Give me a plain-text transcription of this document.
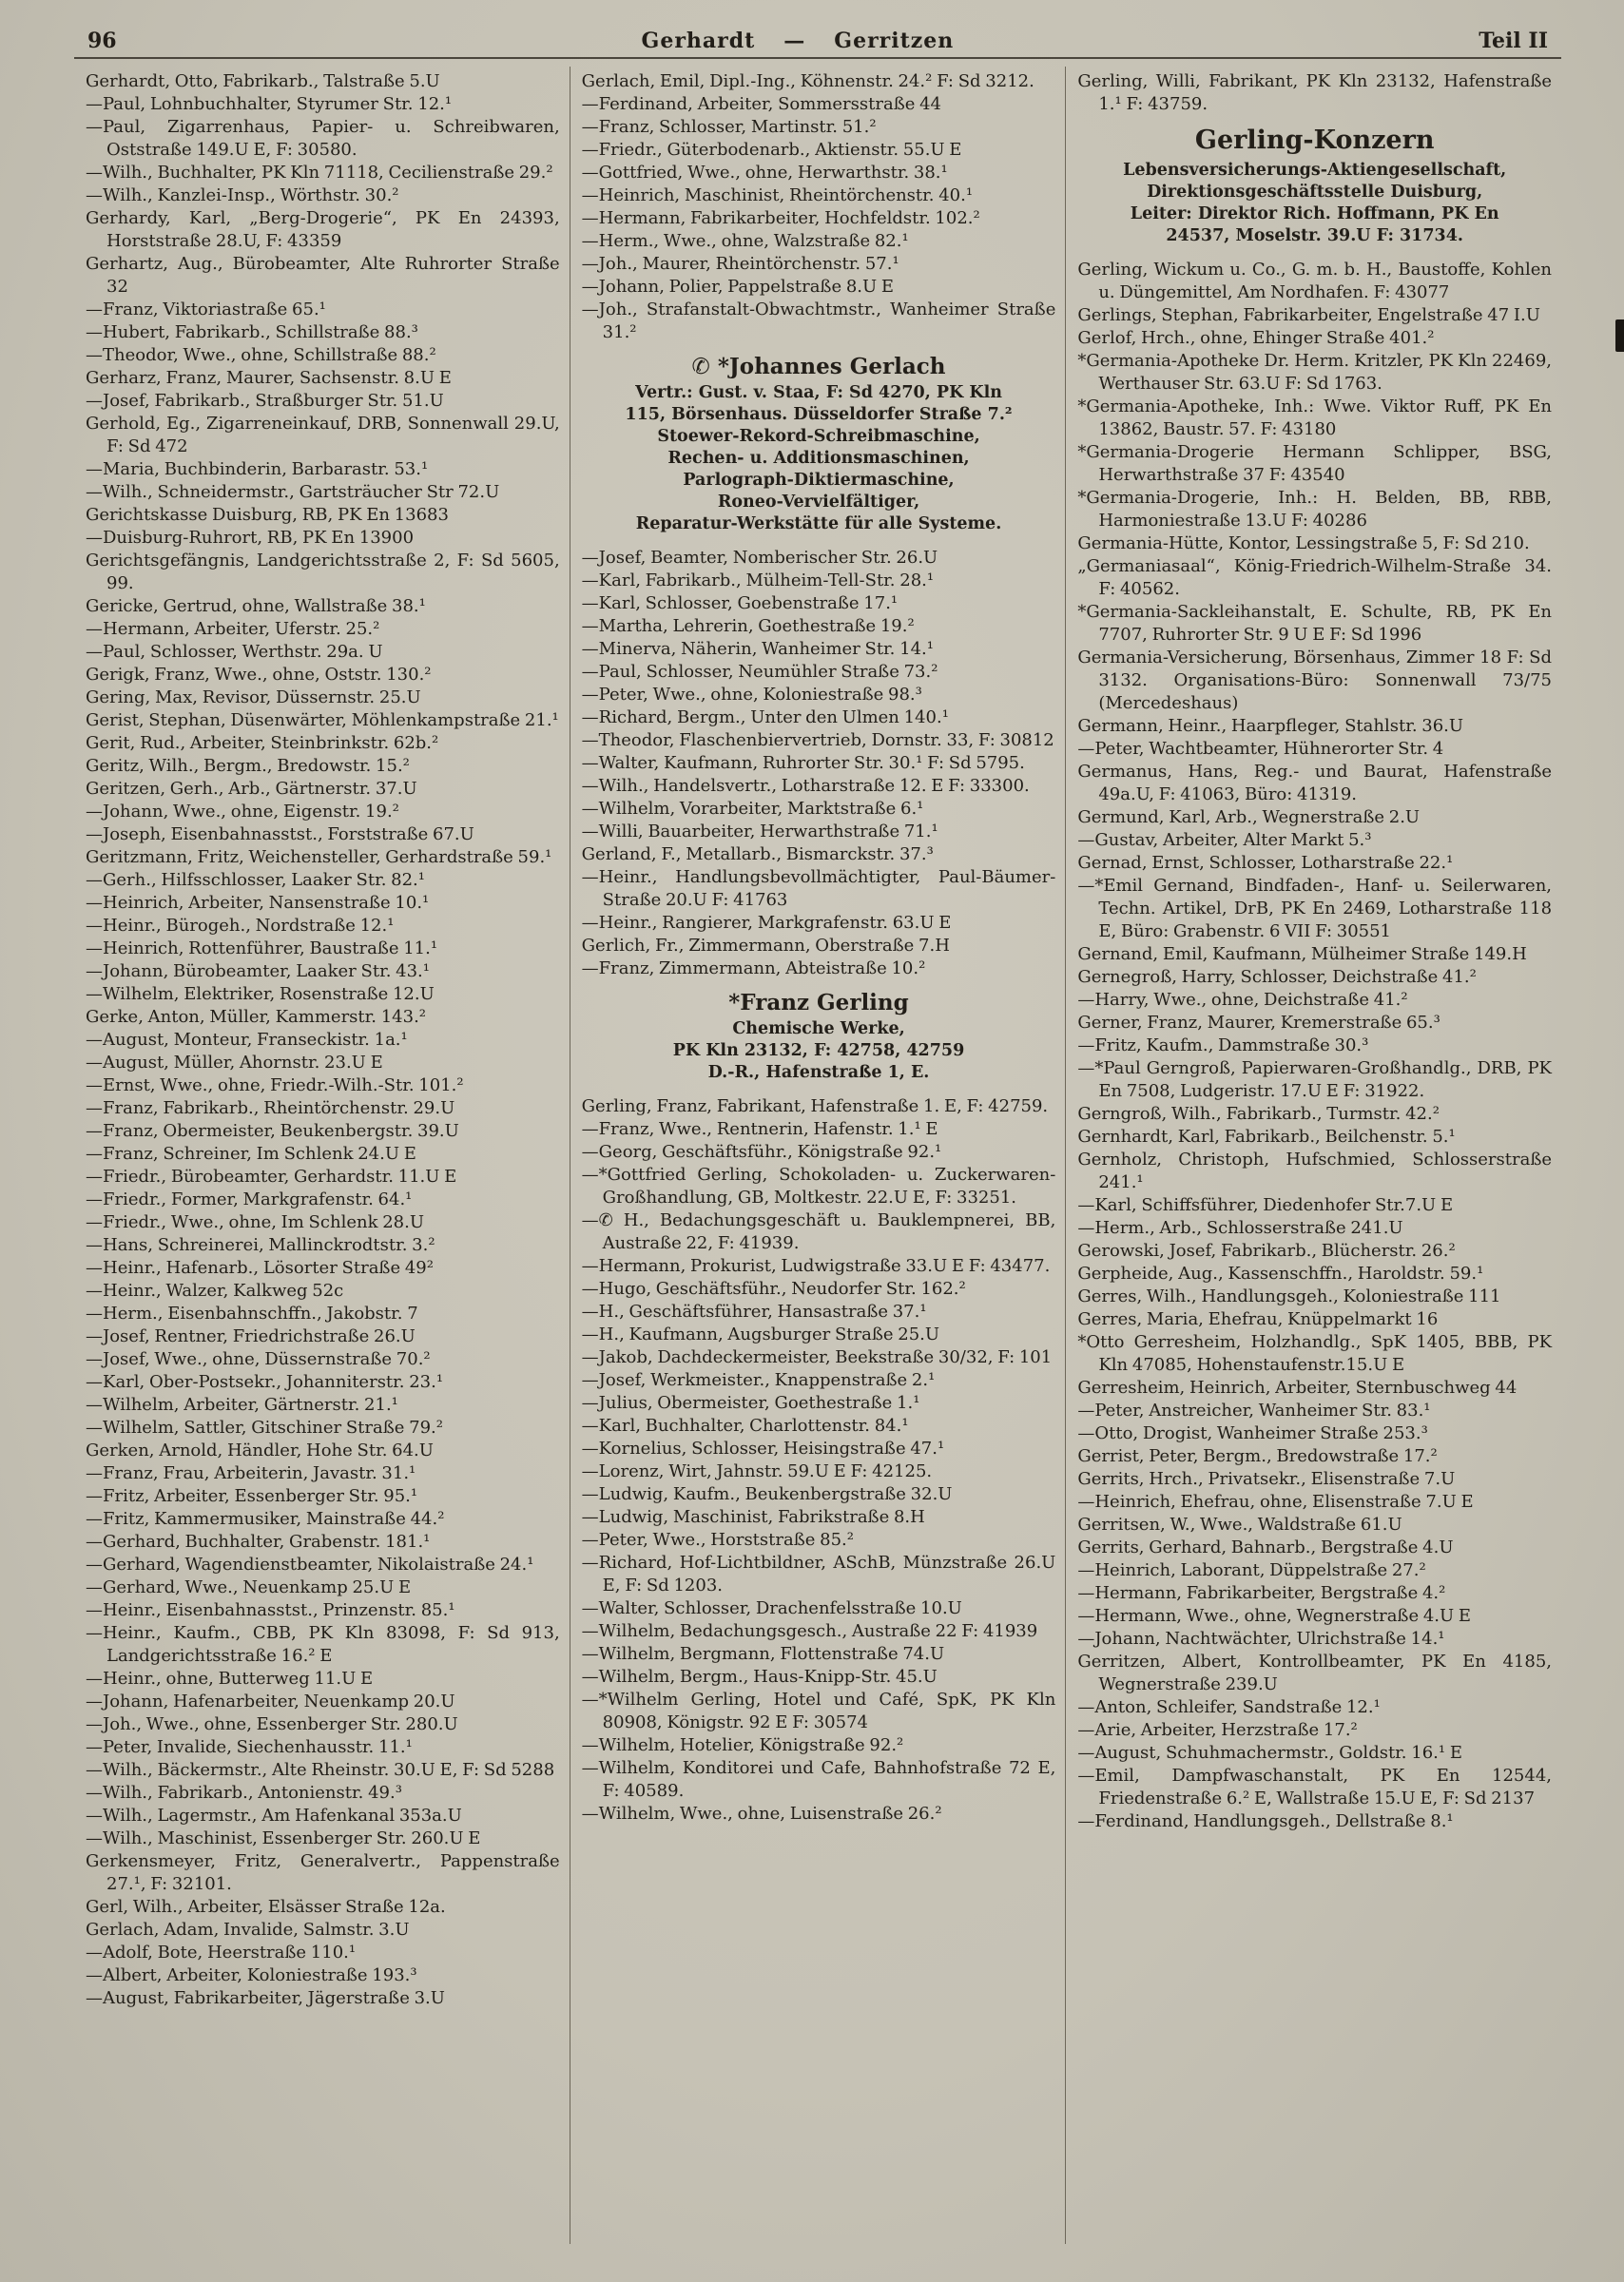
96	Gerhardt — Gerritzen	Teil II
Gerhardt, Otto, Fabrikarb., Talstraße 5.U
—Paul, Lohnbuchhalter, Styrumer Str. 12.¹
—Paul, Zigarrenhaus, Papier- u. Schreibwaren, Oststraße 149.U E, F: 30580.
—Wilh., Buchhalter, PK Kln 71118, Cecilienstraße 29.²
—Wilh., Kanzlei-Insp., Wörthstr. 30.²
Gerhardy, Karl, „Berg-Drogerie“, PK En 24393, Horststraße 28.U, F: 43359
Gerhartz, Aug., Bürobeamter, Alte Ruhrorter Straße 32
—Franz, Viktoriastraße 65.¹
—Hubert, Fabrikarb., Schillstraße 88.³
—Theodor, Wwe., ohne, Schillstraße 88.²
Gerharz, Franz, Maurer, Sachsenstr. 8.U E
—Josef, Fabrikarb., Straßburger Str. 51.U
Gerhold, Eg., Zigarreneinkauf, DRB, Sonnenwall 29.U, F: Sd 472
—Maria, Buchbinderin, Barbarastr. 53.¹
—Wilh., Schneidermstr., Gartsträucher Str 72.U
Gerichtskasse Duisburg, RB, PK En 13683
—Duisburg-Ruhrort, RB, PK En 13900
Gerichtsgefängnis, Landgerichtsstraße 2, F: Sd 5605, 99.
Gericke, Gertrud, ohne, Wallstraße 38.¹
—Hermann, Arbeiter, Uferstr. 25.²
—Paul, Schlosser, Werthstr. 29a. U
Gerigk, Franz, Wwe., ohne, Oststr. 130.²
Gering, Max, Revisor, Düssernstr. 25.U
Gerist, Stephan, Düsenwärter, Möhlenkampstraße 21.¹
Gerit, Rud., Arbeiter, Steinbrinkstr. 62b.²
Geritz, Wilh., Bergm., Bredowstr. 15.²
Geritzen, Gerh., Arb., Gärtnerstr. 37.U
—Johann, Wwe., ohne, Eigenstr. 19.²
—Joseph, Eisenbahnasstst., Forststraße 67.U
Geritzmann, Fritz, Weichensteller, Gerhardstraße 59.¹
—Gerh., Hilfsschlosser, Laaker Str. 82.¹
—Heinrich, Arbeiter, Nansenstraße 10.¹
—Heinr., Bürogeh., Nordstraße 12.¹
—Heinrich, Rottenführer, Baustraße 11.¹
—Johann, Bürobeamter, Laaker Str. 43.¹
—Wilhelm, Elektriker, Rosenstraße 12.U
Gerke, Anton, Müller, Kammerstr. 143.²
—August, Monteur, Franseckistr. 1a.¹
—August, Müller, Ahornstr. 23.U E
—Ernst, Wwe., ohne, Friedr.-Wilh.-Str. 101.²
—Franz, Fabrikarb., Rheintörchenstr. 29.U
—Franz, Obermeister, Beukenbergstr. 39.U
—Franz, Schreiner, Im Schlenk 24.U E
—Friedr., Bürobeamter, Gerhardstr. 11.U E
—Friedr., Former, Markgrafenstr. 64.¹
—Friedr., Wwe., ohne, Im Schlenk 28.U
—Hans, Schreinerei, Mallinckrodtstr. 3.²
—Heinr., Hafenarb., Lösorter Straße 49²
—Heinr., Walzer, Kalkweg 52c
—Herm., Eisenbahnschffn., Jakobstr. 7
—Josef, Rentner, Friedrichstraße 26.U
—Josef, Wwe., ohne, Düssernstraße 70.²
—Karl, Ober-Postsekr., Johanniterstr. 23.¹
—Wilhelm, Arbeiter, Gärtnerstr. 21.¹
—Wilhelm, Sattler, Gitschiner Straße 79.²
Gerken, Arnold, Händler, Hohe Str. 64.U
—Franz, Frau, Arbeiterin, Javastr. 31.¹
—Fritz, Arbeiter, Essenberger Str. 95.¹
—Fritz, Kammermusiker, Mainstraße 44.²
—Gerhard, Buchhalter, Grabenstr. 181.¹
—Gerhard, Wagendienstbeamter, Nikolaistraße 24.¹
—Gerhard, Wwe., Neuenkamp 25.U E
—Heinr., Eisenbahnasstst., Prinzenstr. 85.¹
—Heinr., Kaufm., CBB, PK Kln 83098, F: Sd 913, Landgerichtsstraße 16.² E
—Heinr., ohne, Butterweg 11.U E
—Johann, Hafenarbeiter, Neuenkamp 20.U
—Joh., Wwe., ohne, Essenberger Str. 280.U
—Peter, Invalide, Siechenhausstr. 11.¹
—Wilh., Bäckermstr., Alte Rheinstr. 30.U E, F: Sd 5288
—Wilh., Fabrikarb., Antonienstr. 49.³
—Wilh., Lagermstr., Am Hafenkanal 353a.U
—Wilh., Maschinist, Essenberger Str. 260.U E
Gerkensmeyer, Fritz, Generalvertr., Pappenstraße 27.¹, F: 32101.
Gerl, Wilh., Arbeiter, Elsässer Straße 12a.
Gerlach, Adam, Invalide, Salmstr. 3.U
—Adolf, Bote, Heerstraße 110.¹
—Albert, Arbeiter, Koloniestraße 193.³
—August, Fabrikarbeiter, Jägerstraße 3.U
Gerlach, Emil, Dipl.-Ing., Köhnenstr. 24.² F: Sd 3212.
—Ferdinand, Arbeiter, Sommersstraße 44
—Franz, Schlosser, Martinstr. 51.²
—Friedr., Güterbodenarb., Aktienstr. 55.U E
—Gottfried, Wwe., ohne, Herwarthstr. 38.¹
—Heinrich, Maschinist, Rheintörchenstr. 40.¹
—Hermann, Fabrikarbeiter, Hochfeldstr. 102.²
—Herm., Wwe., ohne, Walzstraße 82.¹
—Joh., Maurer, Rheintörchenstr. 57.¹
—Johann, Polier, Pappelstraße 8.U E
—Joh., Strafanstalt-Obwachtmstr., Wanheimer Straße 31.²
✆ *Johannes Gerlach
Vertr.: Gust. v. Staa, F: Sd 4270, PK Kln
115, Börsenhaus. Düsseldorfer Straße 7.²
Stoewer-Rekord-Schreibmaschine,
Rechen- u. Additionsmaschinen,
Parlograph-Diktiermaschine,
Roneo-Vervielfältiger,
Reparatur-Werkstätte für alle Systeme.
—Josef, Beamter, Nomberischer Str. 26.U
—Karl, Fabrikarb., Mülheim-Tell-Str. 28.¹
—Karl, Schlosser, Goebenstraße 17.¹
—Martha, Lehrerin, Goethestraße 19.²
—Minerva, Näherin, Wanheimer Str. 14.¹
—Paul, Schlosser, Neumühler Straße 73.²
—Peter, Wwe., ohne, Koloniestraße 98.³
—Richard, Bergm., Unter den Ulmen 140.¹
—Theodor, Flaschenbiervertrieb, Dornstr. 33, F: 30812
—Walter, Kaufmann, Ruhrorter Str. 30.¹ F: Sd 5795.
—Wilh., Handelsvertr., Lotharstraße 12. E F: 33300.
—Wilhelm, Vorarbeiter, Marktstraße 6.¹
—Willi, Bauarbeiter, Herwarthstraße 71.¹
Gerland, F., Metallarb., Bismarckstr. 37.³
—Heinr., Handlungsbevollmächtigter, Paul-Bäumer-Straße 20.U F: 41763
—Heinr., Rangierer, Markgrafenstr. 63.U E
Gerlich, Fr., Zimmermann, Oberstraße 7.H
—Franz, Zimmermann, Abteistraße 10.²
*Franz Gerling
Chemische Werke,
PK Kln 23132, F: 42758, 42759
D.-R., Hafenstraße 1, E.
Gerling, Franz, Fabrikant, Hafenstraße 1. E, F: 42759.
—Franz, Wwe., Rentnerin, Hafenstr. 1.¹ E
—Georg, Geschäftsführ., Königstraße 92.¹
—*Gottfried Gerling, Schokoladen- u. Zuckerwaren-Großhandlung, GB, Moltkestr. 22.U E, F: 33251.
—✆ H., Bedachungsgeschäft u. Bauklempnerei, BB, Austraße 22, F: 41939.
—Hermann, Prokurist, Ludwigstraße 33.U E F: 43477.
—Hugo, Geschäftsführ., Neudorfer Str. 162.²
—H., Geschäftsführer, Hansastraße 37.¹
—H., Kaufmann, Augsburger Straße 25.U
—Jakob, Dachdeckermeister, Beekstraße 30/32, F: 101
—Josef, Werkmeister., Knappenstraße 2.¹
—Julius, Obermeister, Goethestraße 1.¹
—Karl, Buchhalter, Charlottenstr. 84.¹
—Kornelius, Schlosser, Heisingstraße 47.¹
—Lorenz, Wirt, Jahnstr. 59.U E F: 42125.
—Ludwig, Kaufm., Beukenbergstraße 32.U
—Ludwig, Maschinist, Fabrikstraße 8.H
—Peter, Wwe., Horststraße 85.²
—Richard, Hof-Lichtbildner, ASchB, Münzstraße 26.U E, F: Sd 1203.
—Walter, Schlosser, Drachenfelsstraße 10.U
—Wilhelm, Bedachungsgesch., Austraße 22 F: 41939
—Wilhelm, Bergmann, Flottenstraße 74.U
—Wilhelm, Bergm., Haus-Knipp-Str. 45.U
—*Wilhelm Gerling, Hotel und Café, SpK, PK Kln 80908, Königstr. 92 E F: 30574
—Wilhelm, Hotelier, Königstraße 92.²
—Wilhelm, Konditorei und Cafe, Bahnhofstraße 72 E, F: 40589.
—Wilhelm, Wwe., ohne, Luisenstraße 26.²
Gerling, Willi, Fabrikant, PK Kln 23132, Hafenstraße 1.¹ F: 43759.
Gerling-Konzern
Lebensversicherungs-Aktiengesellschaft,
Direktionsgeschäftsstelle Duisburg,
Leiter: Direktor Rich. Hoffmann, PK En
24537, Moselstr. 39.U F: 31734.
Gerling, Wickum u. Co., G. m. b. H., Baustoffe, Kohlen u. Düngemittel, Am Nordhafen. F: 43077
Gerlings, Stephan, Fabrikarbeiter, Engelstraße 47 I.U
Gerlof, Hrch., ohne, Ehinger Straße 401.²
*Germania-Apotheke Dr. Herm. Kritzler, PK Kln 22469, Werthauser Str. 63.U F: Sd 1763.
*Germania-Apotheke, Inh.: Wwe. Viktor Ruff, PK En 13862, Baustr. 57. F: 43180
*Germania-Drogerie Hermann Schlipper, BSG, Herwarthstraße 37 F: 43540
*Germania-Drogerie, Inh.: H. Belden, BB, RBB, Harmoniestraße 13.U F: 40286
Germania-Hütte, Kontor, Lessingstraße 5, F: Sd 210.
„Germaniasaal“, König-Friedrich-Wilhelm-Straße 34. F: 40562.
*Germania-Sackleihanstalt, E. Schulte, RB, PK En 7707, Ruhrorter Str. 9 U E F: Sd 1996
Germania-Versicherung, Börsenhaus, Zimmer 18 F: Sd 3132. Organisations-Büro: Sonnenwall 73/75 (Mercedeshaus)
Germann, Heinr., Haarpfleger, Stahlstr. 36.U
—Peter, Wachtbeamter, Hühnerorter Str. 4
Germanus, Hans, Reg.- und Baurat, Hafenstraße 49a.U, F: 41063, Büro: 41319.
Germund, Karl, Arb., Wegnerstraße 2.U
—Gustav, Arbeiter, Alter Markt 5.³
Gernad, Ernst, Schlosser, Lotharstraße 22.¹
—*Emil Gernand, Bindfaden-, Hanf- u. Seilerwaren, Techn. Artikel, DrB, PK En 2469, Lotharstraße 118 E, Büro: Grabenstr. 6 VII F: 30551
Gernand, Emil, Kaufmann, Mülheimer Straße 149.H
Gernegroß, Harry, Schlosser, Deichstraße 41.²
—Harry, Wwe., ohne, Deichstraße 41.²
Gerner, Franz, Maurer, Kremerstraße 65.³
—Fritz, Kaufm., Dammstraße 30.³
—*Paul Gerngroß, Papierwaren-Großhandlg., DRB, PK En 7508, Ludgeristr. 17.U E F: 31922.
Gerngroß, Wilh., Fabrikarb., Turmstr. 42.²
Gernhardt, Karl, Fabrikarb., Beilchenstr. 5.¹
Gernholz, Christoph, Hufschmied, Schlosserstraße 241.¹
—Karl, Schiffsführer, Diedenhofer Str.7.U E
—Herm., Arb., Schlosserstraße 241.U
Gerowski, Josef, Fabrikarb., Blücherstr. 26.²
Gerpheide, Aug., Kassenschffn., Haroldstr. 59.¹
Gerres, Wilh., Handlungsgeh., Koloniestraße 111
Gerres, Maria, Ehefrau, Knüppelmarkt 16
*Otto Gerresheim, Holzhandlg., SpK 1405, BBB, PK Kln 47085, Hohenstaufenstr.15.U E
Gerresheim, Heinrich, Arbeiter, Sternbuschweg 44
—Peter, Anstreicher, Wanheimer Str. 83.¹
—Otto, Drogist, Wanheimer Straße 253.³
Gerrist, Peter, Bergm., Bredowstraße 17.²
Gerrits, Hrch., Privatsekr., Elisenstraße 7.U
—Heinrich, Ehefrau, ohne, Elisenstraße 7.U E
Gerritsen, W., Wwe., Waldstraße 61.U
Gerrits, Gerhard, Bahnarb., Bergstraße 4.U
—Heinrich, Laborant, Düppelstraße 27.²
—Hermann, Fabrikarbeiter, Bergstraße 4.²
—Hermann, Wwe., ohne, Wegnerstraße 4.U E
—Johann, Nachtwächter, Ulrichstraße 14.¹
Gerritzen, Albert, Kontrollbeamter, PK En 4185, Wegnerstraße 239.U
—Anton, Schleifer, Sandstraße 12.¹
—Arie, Arbeiter, Herzstraße 17.²
—August, Schuhmachermstr., Goldstr. 16.¹ E
—Emil, Dampfwaschanstalt, PK En 12544, Friedenstraße 6.² E, Wallstraße 15.U E, F: Sd 2137
—Ferdinand, Handlungsgeh., Dellstraße 8.¹
